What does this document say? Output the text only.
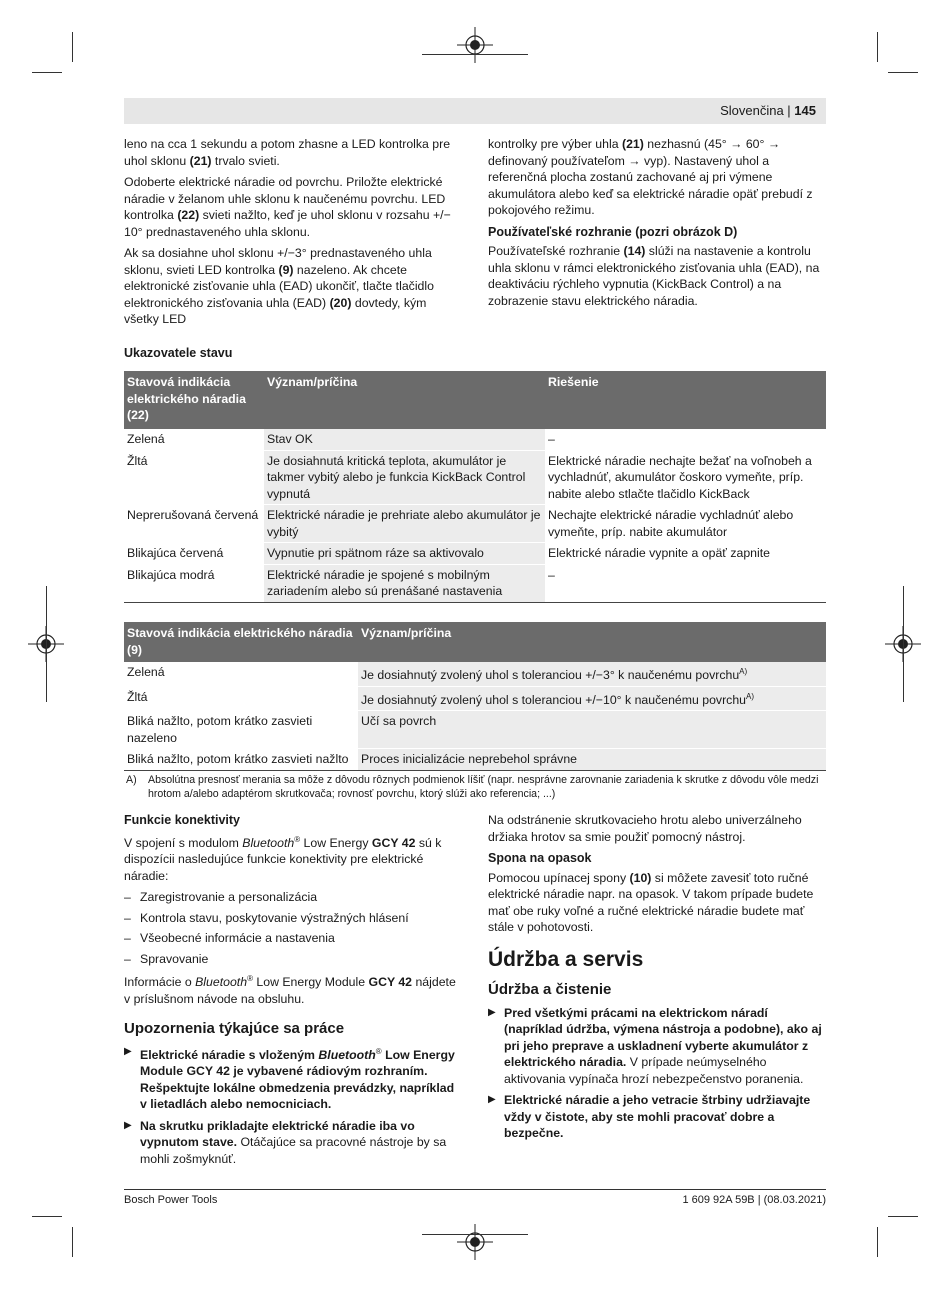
Slovenčina | 145

leno na cca 1 sekundu a potom zhasne a LED kontrolka pre uhol sklonu (21) trvalo svieti.

Odoberte elektrické náradie od povrchu. Priložte elektrické náradie v želanom uhle sklonu k naučenému povrchu. LED kontrolka (22) svieti nažlto, keď je uhol sklonu v rozsahu +/− 10° prednastaveného uhla sklonu.

Ak sa dosiahne uhol sklonu +/−3° prednastaveného uhla sklonu, svieti LED kontrolka (9) nazeleno. Ak chcete elektronické zisťovanie uhla (EAD) ukončiť, tlačte tlačidlo elektronického zisťovania uhla (EAD) (20) dovtedy, kým všetky LED

kontrolky pre výber uhla (21) nezhasnú (45° → 60° → definovaný používateľom → vyp). Nastavený uhol a referenčná plocha zostanú zachované aj pri výmene akumulátora alebo keď sa elektrické náradie opäť prebudí z pokojového režimu.

Používateľské rozhranie (pozri obrázok D)

Používateľské rozhranie (14) slúži na nastavenie a kontrolu uhla sklonu v rámci elektronického zisťovania uhla (EAD), na deaktiváciu rýchleho vypnutia (KickBack Control) a na zobrazenie stavu elektrického náradia.

Ukazovatele stavu
Stavová indikácia elektrického náradia (22)	Význam/príčina	Riešenie
Zelená	Stav OK	–
Žltá	Je dosiahnutá kritická teplota, akumulátor je takmer vybitý alebo je funkcia KickBack Control vypnutá	Elektrické náradie nechajte bežať na voľnobeh a vychladnúť, akumulátor čoskoro vymeňte, príp. nabite alebo stlačte tlačidlo KickBack
Neprerušovaná červená	Elektrické náradie je prehriate alebo akumulátor je vybitý	Nechajte elektrické náradie vychladnúť alebo vymeňte, príp. nabite akumulátor
Blikajúca červená	Vypnutie pri spätnom ráze sa aktivovalo	Elektrické náradie vypnite a opäť zapnite
Blikajúca modrá	Elektrické náradie je spojené s mobilným zariadením alebo sú prenášané nastavenia	–
Stavová indikácia elektrického náradia (9)	Význam/príčina
Zelená	Je dosiahnutý zvolený uhol s toleranciou +/−3° k naučenému povrchu$^{A)}$
Žltá	Je dosiahnutý zvolený uhol s toleranciou +/−10° k naučenému povrchu$^{A)}$
Bliká nažlto, potom krátko zasvieti nazeleno	Učí sa povrch
Bliká nažlto, potom krátko zasvieti nažlto	Proces inicializácie neprebehol správne
A) Absolútna presnosť merania sa môže z dôvodu rôznych podmienok líšiť (napr. nesprávne zarovnanie zariadenia k skrutke z dôvodu vôle medzi hrotom a/alebo adaptérom skrutkovača; rovnosť povrchu, ktorý slúži ako referencia; ...)
Funkcie konektivity

V spojení s modulom Bluetooth® Low Energy GCY 42 sú k dispozícii nasledujúce funkcie konektivity pre elektrické náradie:

– Zaregistrovanie a personalizácia
– Kontrola stavu, poskytovanie výstražných hlásení
– Všeobecné informácie a nastavenia
– Spravovanie

Informácie o Bluetooth® Low Energy Module GCY 42 nájdete v príslušnom návode na obsluhu.

Upozornenia týkajúce sa práce
▶ Elektrické náradie s vloženým Bluetooth® Low Energy Module GCY 42 je vybavené rádiovým rozhraním. Rešpektujte lokálne obmedzenia prevádzky, napríklad v lietadlách alebo nemocniciach.
▶ Na skrutku prikladajte elektrické náradie iba vo vypnutom stave. Otáčajúce sa pracovné nástroje by sa mohli zošmyknúť.

Na odstránenie skrutkovacieho hrotu alebo univerzálneho držiaka hrotov sa smie použiť pomocný nástroj.

Spona na opasok

Pomocou upínacej spony (10) si môžete zavesiť toto ručné elektrické náradie napr. na opasok. V takom prípade budete mať obe ruky voľné a ručné elektrické náradie budete mať stále v pohotovosti.

Údržba a servis
Údržba a čistenie
▶ Pred všetkými prácami na elektrickom náradí (napríklad údržba, výmena nástroja a podobne), ako aj pri jeho preprave a uskladnení vyberte akumulátor z elektrického náradia. V prípade neúmyselného aktivovania vypínača hrozí nebezpečenstvo poranenia.
▶ Elektrické náradie a jeho vetracie štrbiny udržiavajte vždy v čistote, aby ste mohli pracovať dobre a bezpečne.
Bosch Power Tools	1 609 92A 59B | (08.03.2021)
